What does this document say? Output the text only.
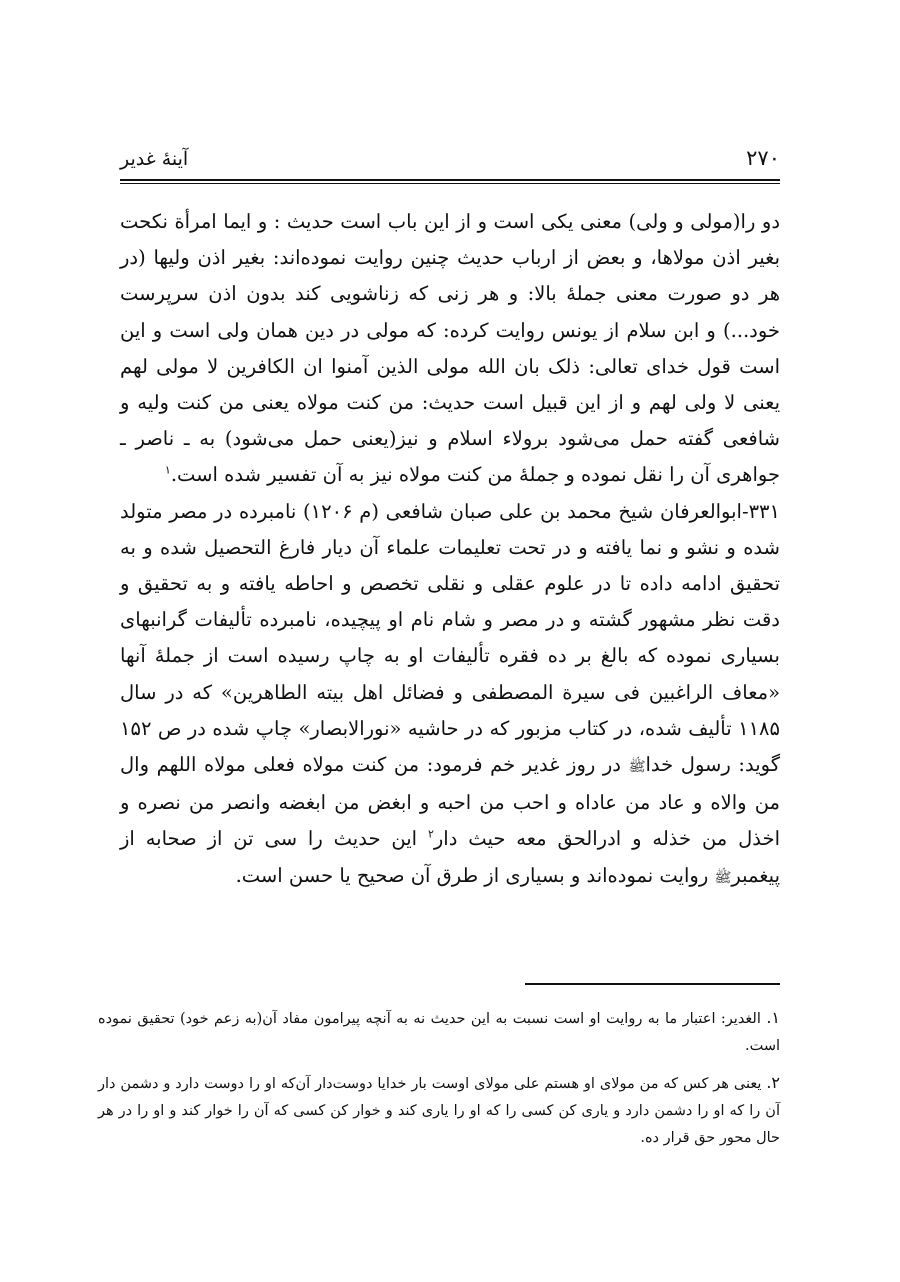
۲۷۰
آینهٔ غدیر

دو را(مولی و ولی) معنی یکی است و از این باب است حدیث : و ایما امرأة نکحت بغیر اذن مولاها، و بعض از ارباب حدیث چنین روایت نموده‌اند: بغیر اذن ولیها (در هر دو صورت معنی جملهٔ بالا: و هر زنی که زناشویی کند بدون اذن سرپرست خود...) و ابن سلام از یونس روایت کرده: که مولی در دین همان ولی است و این است قول خدای تعالی: ذلک بان الله مولی الذین آمنوا ان الکافرین لا مولی لهم یعنی لا ولی لهم و از این قبیل است حدیث: من کنت مولاه یعنی من کنت ولیه و شافعی گفته حمل می‌شود برولاء اسلام و نیز(یعنی حمل می‌شود) به ـ ناصر ـ جواهری آن را نقل نموده و جملهٔ من کنت مولاه نیز به آن تفسیر شده است.$^۱$

۳۳۱-ابوالعرفان شیخ محمد بن علی صبان شافعی (م ۱۲۰۶) نامبرده در مصر متولد شده و نشو و نما یافته و در تحت تعلیمات علماء آن دیار فارغ التحصیل شده و به تحقیق ادامه داده تا در علوم عقلی و نقلی تخصص و احاطه یافته و به تحقیق و دقت نظر مشهور گشته و در مصر و شام نام او پیچیده، نامبرده تألیفات گرانبهای بسیاری نموده که بالغ بر ده فقره تألیفات او به چاپ رسیده است از جملهٔ آنها «معاف الراغبین فی سیرة المصطفی و فضائل اهل بیته الطاهرین» که در سال ۱۱۸۵ تألیف شده، در کتاب مزبور که در حاشیه «نورالابصار» چاپ شده در ص ۱۵۲ گوید: رسول خداﷺ در روز غدیر خم فرمود: من کنت مولاه فعلی مولاه اللهم وال من والاه و عاد من عاداه و احب من احبه و ابغض من ابغضه وانصر من نصره و اخذل من خذله و ادرالحق معه حیث دار$^۲$ این حدیث را سی تن از صحابه از پیغمبرﷺ روایت نموده‌اند و بسیاری از طرق آن صحیح یا حسن است.

۱. الغدیر: اعتبار ما به روایت او است نسبت به این حدیث نه به آنچه پیرامون مفاد آن(به زعم خود) تحقیق نموده است.

۲. یعنی هر کس که من مولای او هستم علی مولای اوست بار خدایا دوست‌دار آن‌که او را دوست دارد و دشمن دار آن را که او را دشمن دارد و یاری کن کسی را که او را یاری کند و خوار کن کسی که آن را خوار کند و او را در هر حال محور حق قرار ده.
